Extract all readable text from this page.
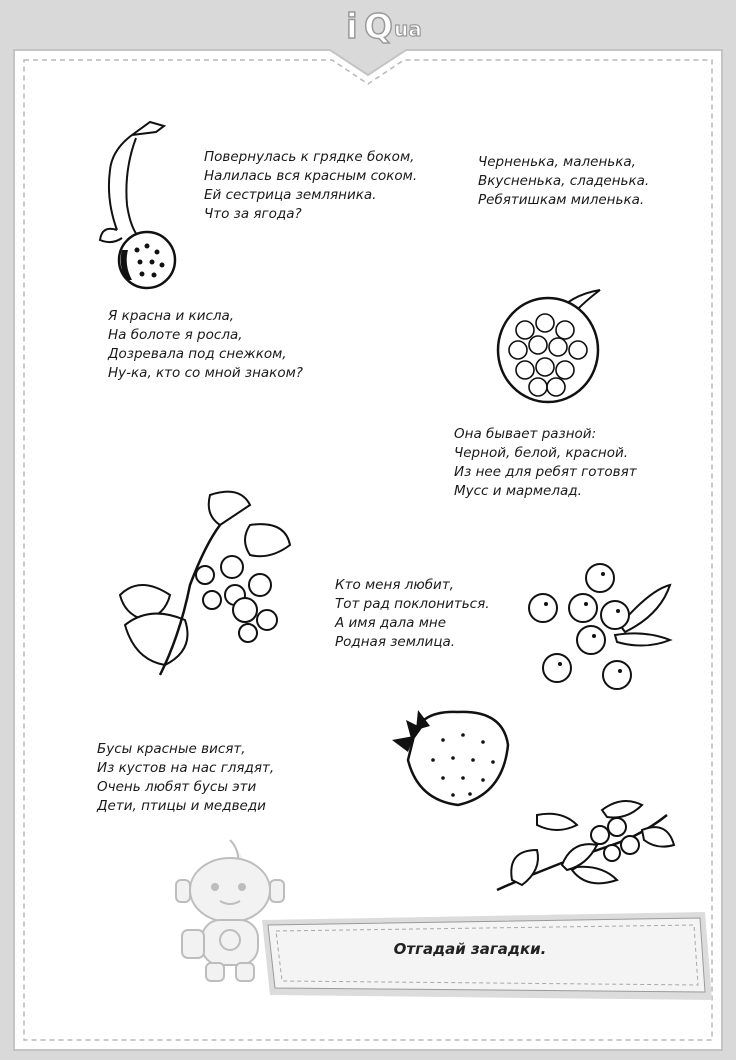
i Q ua
Повернулась к грядке боком,
Налилась вся красным соком.
Ей сестрица земляника.
Что за ягода?
Черненька, маленька,
Вкусненька, сладенька.
Ребятишкам миленька.
Я красна и кисла,
На болоте я росла,
Дозревала под снежком,
Ну-ка, кто со мной знаком?
Она бывает разной:
Черной, белой, красной.
Из нее для ребят готовят
Мусс и мармелад.
Кто меня любит,
Тот рад поклониться.
А имя дала мне
Родная землица.
Бусы красные висят,
Из кустов на нас глядят,
Очень любят бусы эти
Дети, птицы и медведи
Отгадай загадки.
